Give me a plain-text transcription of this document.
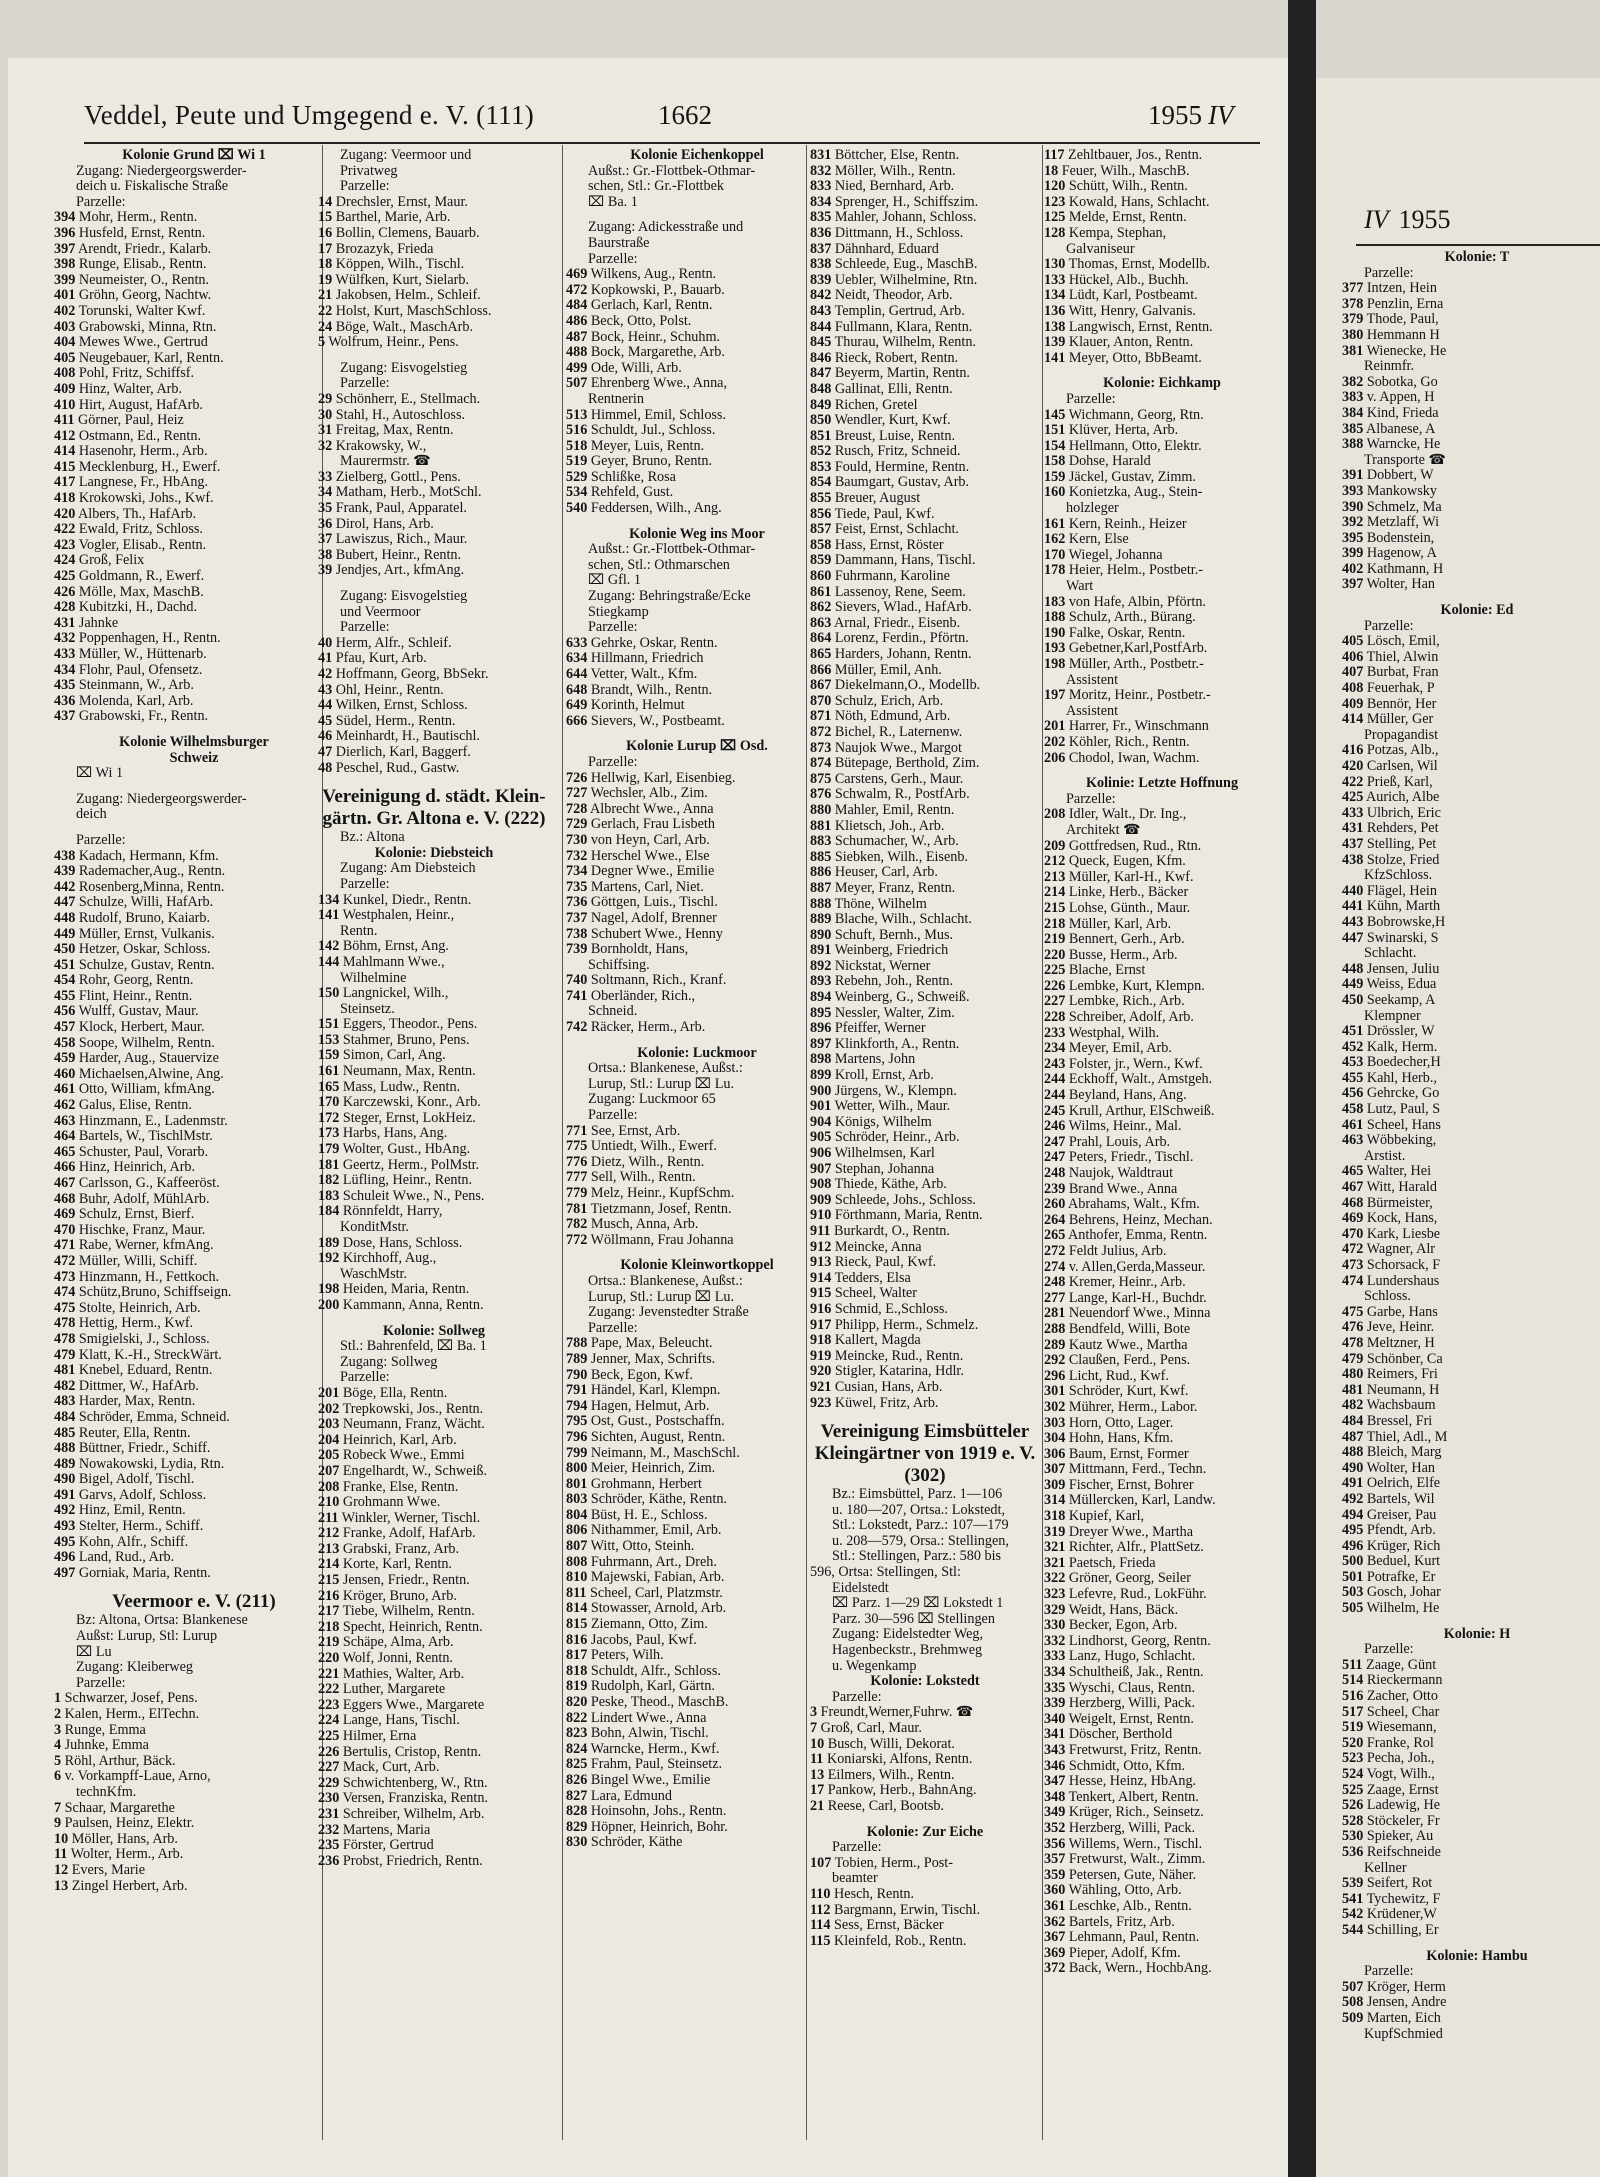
IV 1955
Kolonie: T
Parzelle:
377 Intzen, Hein
378 Penzlin, Erna
379 Thode, Paul,
380 Hemmann H
381 Wienecke, He
Reinmfr.
382 Sobotka, Go
383 v. Appen, H
384 Kind, Frieda
385 Albanese, A
388 Warncke, He
Transporte ☎
391 Dobbert, W
393 Mankowsky
390 Schmelz, Ma
392 Metzlaff, Wi
395 Bodenstein,
399 Hagenow, A
402 Kathmann, H
397 Wolter, Han
Kolonie: Ed
Parzelle:
405 Lösch, Emil,
406 Thiel, Alwin
407 Burbat, Fran
408 Feuerhak, P
409 Bennör, Her
414 Müller, Ger
Propagandist
416 Potzas, Alb.,
420 Carlsen, Wil
422 Prieß, Karl,
425 Aurich, Albe
433 Ulbrich, Eric
431 Rehders, Pet
437 Stelling, Pet
438 Stolze, Fried
KfzSchloss.
440 Flägel, Hein
441 Kühn, Marth
443 Bobrowske,H
447 Swinarski, S
Schlacht.
448 Jensen, Juliu
449 Weiss, Edua
450 Seekamp, A
Klempner
451 Drössler, W
452 Kalk, Herm.
453 Boedecher,H
455 Kahl, Herb.,
456 Gehrcke, Go
458 Lutz, Paul, S
461 Scheel, Hans
463 Wöbbeking,
Arstist.
465 Walter, Hei
467 Witt, Harald
468 Bürmeister,
469 Kock, Hans,
470 Kark, Liesbe
472 Wagner, Alr
473 Schorsack, F
474 Lundershaus
Schloss.
475 Garbe, Hans
476 Jeve, Heinr.
478 Meltzner, H
479 Schönber, Ca
480 Reimers, Fri
481 Neumann, H
482 Wachsbaum
484 Bressel, Fri
487 Thiel, Adl., M
488 Bleich, Marg
490 Wolter, Han
491 Oelrich, Elfe
492 Bartels, Wil
494 Greiser, Pau
495 Pfendt, Arb.
496 Krüger, Rich
500 Beduel, Kurt
501 Potrafke, Er
503 Gosch, Johar
505 Wilhelm, He
Kolonie: H
Parzelle:
511 Zaage, Günt
514 Rieckermann
516 Zacher, Otto
517 Scheel, Char
519 Wiesemann,
520 Franke, Rol
523 Pecha, Joh.,
524 Vogt, Wilh.,
525 Zaage, Ernst
526 Ladewig, He
528 Stöckeler, Fr
530 Spieker, Au
536 Reifschneide
Kellner
539 Seifert, Rot
541 Tychewitz, F
542 Krüdener,W
544 Schilling, Er
Kolonie: Hambu
Parzelle:
507 Kröger, Herm
508 Jensen, Andre
509 Marten, Eich
KupfSchmied
Veddel, Peute und Umgegend e. V. (111)	1662	1955 IV
Kolonie Grund ⌧ Wi 1
Zugang: Niedergeorgswerder-
deich u. Fiskalische Straße
Parzelle:
394 Mohr, Herm., Rentn.
396 Husfeld, Ernst, Rentn.
397 Arendt, Friedr., Kalarb.
398 Runge, Elisab., Rentn.
399 Neumeister, O., Rentn.
401 Gröhn, Georg, Nachtw.
402 Torunski, Walter Kwf.
403 Grabowski, Minna, Rtn.
404 Mewes Wwe., Gertrud
405 Neugebauer, Karl, Rentn.
408 Pohl, Fritz, Schiffsf.
409 Hinz, Walter, Arb.
410 Hirt, August, HafArb.
411 Görner, Paul, Heiz
412 Ostmann, Ed., Rentn.
414 Hasenohr, Herm., Arb.
415 Mecklenburg, H., Ewerf.
417 Langnese, Fr., HbAng.
418 Krokowski, Johs., Kwf.
420 Albers, Th., HafArb.
422 Ewald, Fritz, Schloss.
423 Vogler, Elisab., Rentn.
424 Groß, Felix
425 Goldmann, R., Ewerf.
426 Mölle, Max, MaschB.
428 Kubitzki, H., Dachd.
431 Jahnke
432 Poppenhagen, H., Rentn.
433 Müller, W., Hüttenarb.
434 Flohr, Paul, Ofensetz.
435 Steinmann, W., Arb.
436 Molenda, Karl, Arb.
437 Grabowski, Fr., Rentn.
Kolonie Wilhelmsburger
Schweiz
⌧ Wi 1
Zugang: Niedergeorgswerder-
deich
Parzelle:
438 Kadach, Hermann, Kfm.
439 Rademacher,Aug., Rentn.
442 Rosenberg,Minna, Rentn.
447 Schulze, Willi, HafArb.
448 Rudolf, Bruno, Kaiarb.
449 Müller, Ernst, Vulkanis.
450 Hetzer, Oskar, Schloss.
451 Schulze, Gustav, Rentn.
454 Rohr, Georg, Rentn.
455 Flint, Heinr., Rentn.
456 Wulff, Gustav, Maur.
457 Klock, Herbert, Maur.
458 Soope, Wilhelm, Rentn.
459 Harder, Aug., Stauervize
460 Michaelsen,Alwine, Ang.
461 Otto, William, kfmAng.
462 Galus, Elise, Rentn.
463 Hinzmann, E., Ladenmstr.
464 Bartels, W., TischlMstr.
465 Schuster, Paul, Vorarb.
466 Hinz, Heinrich, Arb.
467 Carlsson, G., Kaffeeröst.
468 Buhr, Adolf, MühlArb.
469 Schulz, Ernst, Bierf.
470 Hischke, Franz, Maur.
471 Rabe, Werner, kfmAng.
472 Müller, Willi, Schiff.
473 Hinzmann, H., Fettkoch.
474 Schütz,Bruno, Schiffseign.
475 Stolte, Heinrich, Arb.
478 Hettig, Herm., Kwf.
478 Smigielski, J., Schloss.
479 Klatt, K.-H., StreckWärt.
481 Knebel, Eduard, Rentn.
482 Dittmer, W., HafArb.
483 Harder, Max, Rentn.
484 Schröder, Emma, Schneid.
485 Reuter, Ella, Rentn.
488 Büttner, Friedr., Schiff.
489 Nowakowski, Lydia, Rtn.
490 Bigel, Adolf, Tischl.
491 Garvs, Adolf, Schloss.
492 Hinz, Emil, Rentn.
493 Stelter, Herm., Schiff.
495 Kohn, Alfr., Schiff.
496 Land, Rud., Arb.
497 Gorniak, Maria, Rentn.
Veermoor e. V. (211)
Bz: Altona, Ortsa: Blankenese
Außst: Lurup, Stl: Lurup
⌧ Lu
Zugang: Kleiberweg
Parzelle:
1 Schwarzer, Josef, Pens.
2 Kalen, Herm., ElTechn.
3 Runge, Emma
4 Juhnke, Emma
5 Röhl, Arthur, Bäck.
6 v. Vorkampff-Laue, Arno,
technKfm.
7 Schaar, Margarethe
9 Paulsen, Heinz, Elektr.
10 Möller, Hans, Arb.
11 Wolter, Herm., Arb.
12 Evers, Marie
13 Zingel Herbert, Arb.
Zugang: Veermoor und
Privatweg
Parzelle:
14 Drechsler, Ernst, Maur.
15 Barthel, Marie, Arb.
16 Bollin, Clemens, Bauarb.
17 Brozazyk, Frieda
18 Köppen, Wilh., Tischl.
19 Wülfken, Kurt, Sielarb.
21 Jakobsen, Helm., Schleif.
22 Holst, Kurt, MaschSchloss.
24 Böge, Walt., MaschArb.
5 Wolfrum, Heinr., Pens.
Zugang: Eisvogelstieg
Parzelle:
29 Schönherr, E., Stellmach.
30 Stahl, H., Autoschloss.
31 Freitag, Max, Rentn.
32 Krakowsky, W.,
Maurermstr. ☎
33 Zielberg, Gottl., Pens.
34 Matham, Herb., MotSchl.
35 Frank, Paul, Apparatel.
36 Dirol, Hans, Arb.
37 Lawiszus, Rich., Maur.
38 Bubert, Heinr., Rentn.
39 Jendjes, Art., kfmAng.
Zugang: Eisvogelstieg
und Veermoor
Parzelle:
40 Herm, Alfr., Schleif.
41 Pfau, Kurt, Arb.
42 Hoffmann, Georg, BbSekr.
43 Ohl, Heinr., Rentn.
44 Wilken, Ernst, Schloss.
45 Südel, Herm., Rentn.
46 Meinhardt, H., Bautischl.
47 Dierlich, Karl, Baggerf.
48 Peschel, Rud., Gastw.
Vereinigung d. städt. Klein-
gärtn. Gr. Altona e. V. (222)
Bz.: Altona
Kolonie: Diebsteich
Zugang: Am Diebsteich
Parzelle:
134 Kunkel, Diedr., Rentn.
141 Westphalen, Heinr.,
Rentn.
142 Böhm, Ernst, Ang.
144 Mahlmann Wwe.,
Wilhelmine
150 Langnickel, Wilh.,
Steinsetz.
151 Eggers, Theodor., Pens.
153 Stahmer, Bruno, Pens.
159 Simon, Carl, Ang.
161 Neumann, Max, Rentn.
165 Mass, Ludw., Rentn.
170 Karczewski, Konr., Arb.
172 Steger, Ernst, LokHeiz.
173 Harbs, Hans, Ang.
179 Wolter, Gust., HbAng.
181 Geertz, Herm., PolMstr.
182 Lüfling, Heinr., Rentn.
183 Schuleit Wwe., N., Pens.
184 Rönnfeldt, Harry,
KonditMstr.
189 Dose, Hans, Schloss.
192 Kirchhoff, Aug.,
WaschMstr.
198 Heiden, Maria, Rentn.
200 Kammann, Anna, Rentn.
Kolonie: Sollweg
Stl.: Bahrenfeld, ⌧ Ba. 1
Zugang: Sollweg
Parzelle:
201 Böge, Ella, Rentn.
202 Trepkowski, Jos., Rentn.
203 Neumann, Franz, Wächt.
204 Heinrich, Karl, Arb.
205 Robeck Wwe., Emmi
207 Engelhardt, W., Schweiß.
208 Franke, Else, Rentn.
210 Grohmann Wwe.
211 Winkler, Werner, Tischl.
212 Franke, Adolf, HafArb.
213 Grabski, Franz, Arb.
214 Korte, Karl, Rentn.
215 Jensen, Friedr., Rentn.
216 Kröger, Bruno, Arb.
217 Tiebe, Wilhelm, Rentn.
218 Specht, Heinrich, Rentn.
219 Schäpe, Alma, Arb.
220 Wolf, Jonni, Rentn.
221 Mathies, Walter, Arb.
222 Luther, Margarete
223 Eggers Wwe., Margarete
224 Lange, Hans, Tischl.
225 Hilmer, Erna
226 Bertulis, Cristop, Rentn.
227 Mack, Curt, Arb.
229 Schwichtenberg, W., Rtn.
230 Versen, Franziska, Rentn.
231 Schreiber, Wilhelm, Arb.
232 Martens, Maria
235 Förster, Gertrud
236 Probst, Friedrich, Rentn.
Kolonie Eichenkoppel
Außst.: Gr.-Flottbek-Othmar-
schen, Stl.: Gr.-Flottbek
⌧ Ba. 1
Zugang: Adickesstraße und
Baurstraße
Parzelle:
469 Wilkens, Aug., Rentn.
472 Kopkowski, P., Bauarb.
484 Gerlach, Karl, Rentn.
486 Beck, Otto, Polst.
487 Bock, Heinr., Schuhm.
488 Bock, Margarethe, Arb.
499 Ode, Willi, Arb.
507 Ehrenberg Wwe., Anna,
Rentnerin
513 Himmel, Emil, Schloss.
516 Schuldt, Jul., Schloss.
518 Meyer, Luis, Rentn.
519 Geyer, Bruno, Rentn.
529 Schlißke, Rosa
534 Rehfeld, Gust.
540 Feddersen, Wilh., Ang.
Kolonie Weg ins Moor
Außst.: Gr.-Flottbek-Othmar-
schen, Stl.: Othmarschen
⌧ Gfl. 1
Zugang: Behringstraße/Ecke
Stiegkamp
Parzelle:
633 Gehrke, Oskar, Rentn.
634 Hillmann, Friedrich
644 Vetter, Walt., Kfm.
648 Brandt, Wilh., Rentn.
649 Korinth, Helmut
666 Sievers, W., Postbeamt.
Kolonie Lurup ⌧ Osd.
Parzelle:
726 Hellwig, Karl, Eisenbieg.
727 Wechsler, Alb., Zim.
728 Albrecht Wwe., Anna
729 Gerlach, Frau Lisbeth
730 von Heyn, Carl, Arb.
732 Herschel Wwe., Else
734 Degner Wwe., Emilie
735 Martens, Carl, Niet.
736 Göttgen, Luis., Tischl.
737 Nagel, Adolf, Brenner
738 Schubert Wwe., Henny
739 Bornholdt, Hans,
Schiffsing.
740 Soltmann, Rich., Kranf.
741 Oberländer, Rich.,
Schneid.
742 Räcker, Herm., Arb.
Kolonie: Luckmoor
Ortsa.: Blankenese, Außst.:
Lurup, Stl.: Lurup ⌧ Lu.
Zugang: Luckmoor 65
Parzelle:
771 See, Ernst, Arb.
775 Untiedt, Wilh., Ewerf.
776 Dietz, Wilh., Rentn.
777 Sell, Wilh., Rentn.
779 Melz, Heinr., KupfSchm.
781 Tietzmann, Josef, Rentn.
782 Musch, Anna, Arb.
772 Wöllmann, Frau Johanna
Kolonie Kleinwortkoppel
Ortsa.: Blankenese, Außst.:
Lurup, Stl.: Lurup ⌧ Lu.
Zugang: Jevenstedter Straße
Parzelle:
788 Pape, Max, Beleucht.
789 Jenner, Max, Schrifts.
790 Beck, Egon, Kwf.
791 Händel, Karl, Klempn.
794 Hagen, Helmut, Arb.
795 Ost, Gust., Postschaffn.
796 Sichten, August, Rentn.
799 Neimann, M., MaschSchl.
800 Meier, Heinrich, Zim.
801 Grohmann, Herbert
803 Schröder, Käthe, Rentn.
804 Büst, H. E., Schloss.
806 Nithammer, Emil, Arb.
807 Witt, Otto, Steinh.
808 Fuhrmann, Art., Dreh.
810 Majewski, Fabian, Arb.
811 Scheel, Carl, Platzmstr.
814 Stowasser, Arnold, Arb.
815 Ziemann, Otto, Zim.
816 Jacobs, Paul, Kwf.
817 Peters, Wilh.
818 Schuldt, Alfr., Schloss.
819 Rudolph, Karl, Gärtn.
820 Peske, Theod., MaschB.
822 Lindert Wwe., Anna
823 Bohn, Alwin, Tischl.
824 Warncke, Herm., Kwf.
825 Frahm, Paul, Steinsetz.
826 Bingel Wwe., Emilie
827 Lara, Edmund
828 Hoinsohn, Johs., Rentn.
829 Höpner, Heinrich, Bohr.
830 Schröder, Käthe
831 Böttcher, Else, Rentn.
832 Möller, Wilh., Rentn.
833 Nied, Bernhard, Arb.
834 Sprenger, H., Schiffszim.
835 Mahler, Johann, Schloss.
836 Dittmann, H., Schloss.
837 Dähnhard, Eduard
838 Schleede, Eug., MaschB.
839 Uebler, Wilhelmine, Rtn.
842 Neidt, Theodor, Arb.
843 Templin, Gertrud, Arb.
844 Fullmann, Klara, Rentn.
845 Thurau, Wilhelm, Rentn.
846 Rieck, Robert, Rentn.
847 Beyerm, Martin, Rentn.
848 Gallinat, Elli, Rentn.
849 Richen, Gretel
850 Wendler, Kurt, Kwf.
851 Breust, Luise, Rentn.
852 Rusch, Fritz, Schneid.
853 Fould, Hermine, Rentn.
854 Baumgart, Gustav, Arb.
855 Breuer, August
856 Tiede, Paul, Kwf.
857 Feist, Ernst, Schlacht.
858 Hass, Ernst, Röster
859 Dammann, Hans, Tischl.
860 Fuhrmann, Karoline
861 Lassenoy, Rene, Seem.
862 Sievers, Wlad., HafArb.
863 Arnal, Friedr., Eisenb.
864 Lorenz, Ferdin., Pförtn.
865 Harders, Johann, Rentn.
866 Müller, Emil, Anh.
867 Diekelmann,O., Modellb.
870 Schulz, Erich, Arb.
871 Nöth, Edmund, Arb.
872 Bichel, R., Laternenw.
873 Naujok Wwe., Margot
874 Bütepage, Berthold, Zim.
875 Carstens, Gerh., Maur.
876 Schwalm, R., PostfArb.
880 Mahler, Emil, Rentn.
881 Klietsch, Joh., Arb.
883 Schumacher, W., Arb.
885 Siebken, Wilh., Eisenb.
886 Heuser, Carl, Arb.
887 Meyer, Franz, Rentn.
888 Thöne, Wilhelm
889 Blache, Wilh., Schlacht.
890 Schuft, Bernh., Mus.
891 Weinberg, Friedrich
892 Nickstat, Werner
893 Rebehn, Joh., Rentn.
894 Weinberg, G., Schweiß.
895 Nessler, Walter, Zim.
896 Pfeiffer, Werner
897 Klinkforth, A., Rentn.
898 Martens, John
899 Kroll, Ernst, Arb.
900 Jürgens, W., Klempn.
901 Wetter, Wilh., Maur.
904 Königs, Wilhelm
905 Schröder, Heinr., Arb.
906 Wilhelmsen, Karl
907 Stephan, Johanna
908 Thiede, Käthe, Arb.
909 Schleede, Johs., Schloss.
910 Förthmann, Maria, Rentn.
911 Burkardt, O., Rentn.
912 Meincke, Anna
913 Rieck, Paul, Kwf.
914 Tedders, Elsa
915 Scheel, Walter
916 Schmid, E.,Schloss.
917 Philipp, Herm., Schmelz.
918 Kallert, Magda
919 Meincke, Rud., Rentn.
920 Stigler, Katarina, Hdlr.
921 Cusian, Hans, Arb.
923 Küwel, Fritz, Arb.
Vereinigung Eimsbütteler
Kleingärtner von 1919 e. V.
(302)
Bz.: Eimsbüttel, Parz. 1—106
u. 180—207, Ortsa.: Lokstedt,
Stl.: Lokstedt, Parz.: 107—179
u. 208—579, Orsa.: Stellingen,
Stl.: Stellingen, Parz.: 580 bis
596, Ortsa: Stellingen, Stl:
Eidelstedt
⌧ Parz. 1—29 ⌧ Lokstedt 1
Parz. 30—596 ⌧ Stellingen
Zugang: Eidelstedter Weg,
Hagenbeckstr., Brehmweg
u. Wegenkamp
Kolonie: Lokstedt
Parzelle:
3 Freundt,Werner,Fuhrw. ☎
7 Groß, Carl, Maur.
10 Busch, Willi, Dekorat.
11 Koniarski, Alfons, Rentn.
13 Eilmers, Wilh., Rentn.
17 Pankow, Herb., BahnAng.
21 Reese, Carl, Bootsb.
Kolonie: Zur Eiche
Parzelle:
107 Tobien, Herm., Post-
beamter
110 Hesch, Rentn.
112 Bargmann, Erwin, Tischl.
114 Sess, Ernst, Bäcker
115 Kleinfeld, Rob., Rentn.
117 Zehltbauer, Jos., Rentn.
18 Feuer, Wilh., MaschB.
120 Schütt, Wilh., Rentn.
123 Kowald, Hans, Schlacht.
125 Melde, Ernst, Rentn.
128 Kempa, Stephan,
Galvaniseur
130 Thomas, Ernst, Modellb.
133 Hückel, Alb., Buchh.
134 Lüdt, Karl, Postbeamt.
136 Witt, Henry, Galvanis.
138 Langwisch, Ernst, Rentn.
139 Klauer, Anton, Rentn.
141 Meyer, Otto, BbBeamt.
Kolonie: Eichkamp
Parzelle:
145 Wichmann, Georg, Rtn.
151 Klüver, Herta, Arb.
154 Hellmann, Otto, Elektr.
158 Dohse, Harald
159 Jäckel, Gustav, Zimm.
160 Konietzka, Aug., Stein-
holzleger
161 Kern, Reinh., Heizer
162 Kern, Else
170 Wiegel, Johanna
178 Heier, Helm., Postbetr.-
Wart
183 von Hafe, Albin, Pförtn.
188 Schulz, Arth., Bürang.
190 Falke, Oskar, Rentn.
193 Gebetner,Karl,PostfArb.
198 Müller, Arth., Postbetr.-
Assistent
197 Moritz, Heinr., Postbetr.-
Assistent
201 Harrer, Fr., Winschmann
202 Köhler, Rich., Rentn.
206 Chodol, Iwan, Wachm.
Kolinie: Letzte Hoffnung
Parzelle:
208 Idler, Walt., Dr. Ing.,
Architekt ☎
209 Gottfredsen, Rud., Rtn.
212 Queck, Eugen, Kfm.
213 Müller, Karl-H., Kwf.
214 Linke, Herb., Bäcker
215 Lohse, Günth., Maur.
218 Müller, Karl, Arb.
219 Bennert, Gerh., Arb.
220 Busse, Herm., Arb.
225 Blache, Ernst
226 Lembke, Kurt, Klempn.
227 Lembke, Rich., Arb.
228 Schreiber, Adolf, Arb.
233 Westphal, Wilh.
234 Meyer, Emil, Arb.
243 Folster, jr., Wern., Kwf.
244 Eckhoff, Walt., Amstgeh.
244 Beyland, Hans, Ang.
245 Krull, Arthur, ElSchweiß.
246 Wilms, Heinr., Mal.
247 Prahl, Louis, Arb.
247 Peters, Friedr., Tischl.
248 Naujok, Waldtraut
239 Brand Wwe., Anna
260 Abrahams, Walt., Kfm.
264 Behrens, Heinz, Mechan.
265 Anthofer, Emma, Rentn.
272 Feldt Julius, Arb.
274 v. Allen,Gerda,Masseur.
248 Kremer, Heinr., Arb.
277 Lange, Karl-H., Buchdr.
281 Neuendorf Wwe., Minna
288 Bendfeld, Willi, Bote
289 Kautz Wwe., Martha
292 Claußen, Ferd., Pens.
296 Licht, Rud., Kwf.
301 Schröder, Kurt, Kwf.
302 Mührer, Herm., Labor.
303 Horn, Otto, Lager.
304 Hohn, Hans, Kfm.
306 Baum, Ernst, Former
307 Mittmann, Ferd., Techn.
309 Fischer, Ernst, Bohrer
314 Müllercken, Karl, Landw.
318 Kupief, Karl,
319 Dreyer Wwe., Martha
321 Richter, Alfr., PlattSetz.
321 Paetsch, Frieda
322 Gröner, Georg, Seiler
323 Lefevre, Rud., LokFühr.
329 Weidt, Hans, Bäck.
330 Becker, Egon, Arb.
332 Lindhorst, Georg, Rentn.
333 Lanz, Hugo, Schlacht.
334 Schultheiß, Jak., Rentn.
335 Wyschi, Claus, Rentn.
339 Herzberg, Willi, Pack.
340 Weigelt, Ernst, Rentn.
341 Döscher, Berthold
343 Fretwurst, Fritz, Rentn.
346 Schmidt, Otto, Kfm.
347 Hesse, Heinz, HbAng.
348 Tenkert, Albert, Rentn.
349 Krüger, Rich., Seinsetz.
352 Herzberg, Willi, Pack.
356 Willems, Wern., Tischl.
357 Fretwurst, Walt., Zimm.
359 Petersen, Gute, Näher.
360 Wähling, Otto, Arb.
361 Leschke, Alb., Rentn.
362 Bartels, Fritz, Arb.
367 Lehmann, Paul, Rentn.
369 Pieper, Adolf, Kfm.
372 Back, Wern., HochbAng.
